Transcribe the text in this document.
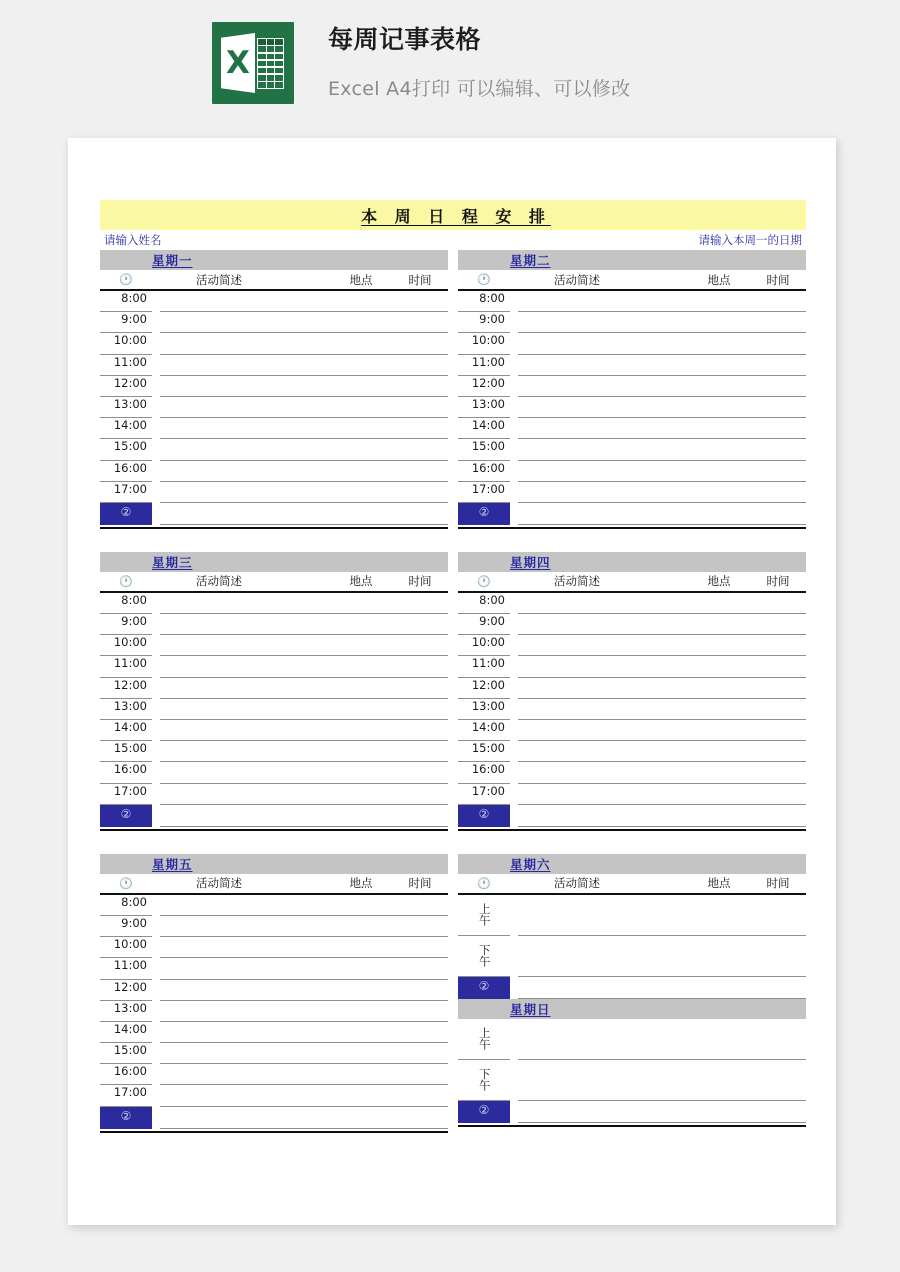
X
每周记事表格
Excel A4打印 可以编辑、可以修改
本 周 日 程 安 排
请输入姓名	请输入本周一的日期
星期一
🕐	活动简述	地点	时间
8:00
9:00
10:00
11:00
12:00
13:00
14:00
15:00
16:00
17:00
②
星期二
🕐	活动简述	地点	时间
8:00
9:00
10:00
11:00
12:00
13:00
14:00
15:00
16:00
17:00
②
星期三
🕐	活动简述	地点	时间
8:00
9:00
10:00
11:00
12:00
13:00
14:00
15:00
16:00
17:00
②
星期四
🕐	活动简述	地点	时间
8:00
9:00
10:00
11:00
12:00
13:00
14:00
15:00
16:00
17:00
②
星期五
🕐	活动简述	地点	时间
8:00
9:00
10:00
11:00
12:00
13:00
14:00
15:00
16:00
17:00
②
星期六
🕐	活动简述	地点	时间
上午
下午
②
星期日
上午
下午
②
